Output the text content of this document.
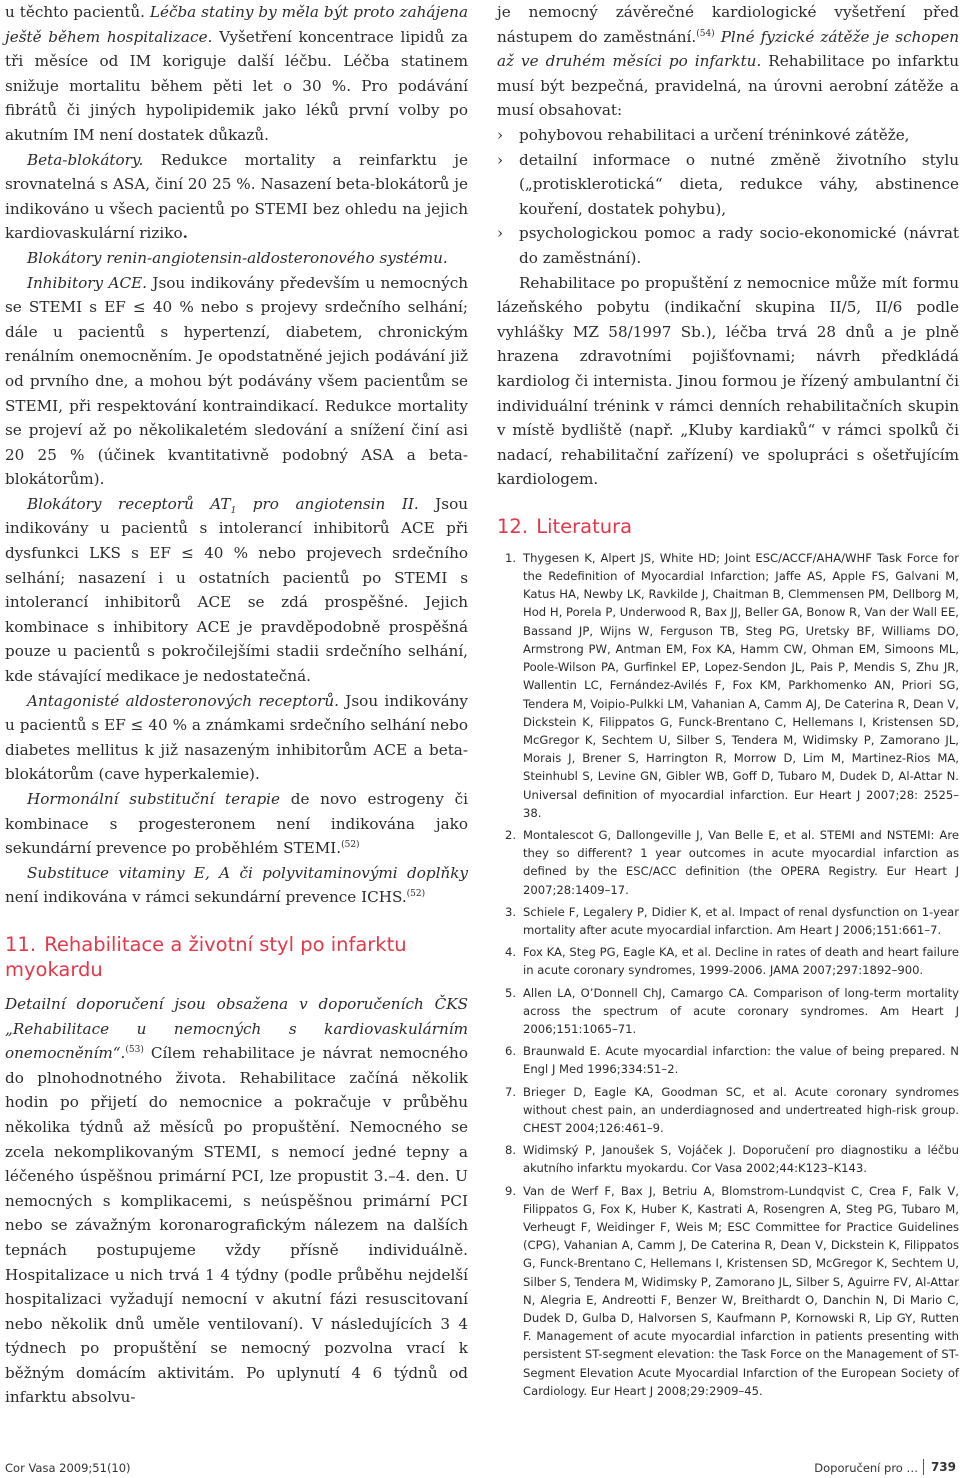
u těchto pacientů. Léčba statiny by měla být proto zahájena ještě během hospitalizace. Vyšetření koncentrace lipidů za tři měsíce od IM koriguje další léčbu. Léčba statinem snižuje mortalitu během pěti let o 30 %. Pro podávání fibrátů či jiných hypolipidemik jako léků první volby po akutním IM není dostatek důkazů.

Beta-blokátory. Redukce mortality a reinfarktu je srovnatelná s ASA, činí 20 25 %. Nasazení beta-blokátorů je indikováno u všech pacientů po STEMI bez ohledu na jejich kardiovaskulární riziko.

Blokátory renin-angiotensin-aldosteronového systému.

Inhibitory ACE. Jsou indikovány především u nemocných se STEMI s EF ≤ 40 % nebo s projevy srdečního selhání; dále u pacientů s hypertenzí, diabetem, chronickým renálním onemocněním. Je opodstatněné jejich podávání již od prvního dne, a mohou být podávány všem pacientům se STEMI, při respektování kontraindikací. Redukce mortality se projeví až po několikaletém sledování a snížení činí asi 20 25 % (účinek kvantitativně podobný ASA a beta-blokátorům).

Blokátory receptorů $AT_1$ pro angiotensin II. Jsou indikovány u pacientů s intolerancí inhibitorů ACE při dysfunkci LKS s EF ≤ 40 % nebo projevech srdečního selhání; nasazení i u ostatních pacientů po STEMI s intolerancí inhibitorů ACE se zdá prospěšné. Jejich kombinace s inhibitory ACE je pravděpodobně prospěšná pouze u pacientů s pokročilejšími stadii srdečního selhání, kde stávající medikace je nedostatečná.

Antagonisté aldosteronových receptorů. Jsou indikovány u pacientů s EF ≤ 40 % a známkami srdečního selhání nebo diabetes mellitus k již nasazeným inhibitorům ACE a beta-blokátorům (cave hyperkalemie).

Hormonální substituční terapie de novo estrogeny či kombinace s progesteronem není indikována jako sekundární prevence po proběhlém STEMI.$^{(52)}$

Substituce vitaminy E, A či polyvitaminovými doplňky není indikována v rámci sekundární prevence ICHS.$^{(52)}$

11. Rehabilitace a životní styl po infarktu myokardu

Detailní doporučení jsou obsažena v doporučeních ČKS „Rehabilitace u nemocných s kardiovaskulárním onemocněním“.$^{(53)}$ Cílem rehabilitace je návrat nemocného do plnohodnotného života. Rehabilitace začíná několik hodin po přijetí do nemocnice a pokračuje v průběhu několika týdnů až měsíců po propuštění. Nemocného se zcela nekomplikovaným STEMI, s nemocí jedné tepny a léčeného úspěšnou primární PCI, lze propustit 3.–4. den. U nemocných s komplikacemi, s neúspěšnou primární PCI nebo se závažným koronarografickým nálezem na dalších tepnách postupujeme vždy přísně individuálně. Hospitalizace u nich trvá 1 4 týdny (podle průběhu nejdelší hospitalizaci vyžadují nemocní v akutní fázi resuscitovaní nebo několik dnů uměle ventilovaní). V následujících 3 4 týdnech po propuštění se nemocný pozvolna vrací k běžným domácím aktivitám. Po uplynutí 4 6 týdnů od infarktu absolvu-

je nemocný závěrečné kardiologické vyšetření před nástupem do zaměstnání.$^{(54)}$ Plné fyzické zátěže je schopen až ve druhém měsíci po infarktu. Rehabilitace po infarktu musí být bezpečná, pravidelná, na úrovni aerobní zátěže a musí obsahovat:

› pohybovou rehabilitaci a určení tréninkové zátěže,
› detailní informace o nutné změně životního stylu („protisklerotická“ dieta, redukce váhy, abstinence kouření, dostatek pohybu),
› psychologickou pomoc a rady socio-ekonomické (návrat do zaměstnání).

Rehabilitace po propuštění z nemocnice může mít formu lázeňského pobytu (indikační skupina II/5, II/6 podle vyhlášky MZ 58/1997 Sb.), léčba trvá 28 dnů a je plně hrazena zdravotními pojišťovnami; návrh předkládá kardiolog či internista. Jinou formou je řízený ambulantní či individuální trénink v rámci denních rehabilitačních skupin v místě bydliště (např. „Kluby kardiaků“ v rámci spolků či nadací, rehabilitační zařízení) ve spolupráci s ošetřujícím kardiologem.

12. Literatura
1. Thygesen K, Alpert JS, White HD; Joint ESC/ACCF/AHA/WHF Task Force for the Redefinition of Myocardial Infarction; Jaffe AS, Apple FS, Galvani M, Katus HA, Newby LK, Ravkilde J, Chaitman B, Clemmensen PM, Dellborg M, Hod H, Porela P, Underwood R, Bax JJ, Beller GA, Bonow R, Van der Wall EE, Bassand JP, Wijns W, Ferguson TB, Steg PG, Uretsky BF, Williams DO, Armstrong PW, Antman EM, Fox KA, Hamm CW, Ohman EM, Simoons ML, Poole-Wilson PA, Gurfinkel EP, Lopez-Sendon JL, Pais P, Mendis S, Zhu JR, Wallentin LC, Fernández-Avilés F, Fox KM, Parkhomenko AN, Priori SG, Tendera M, Voipio-Pulkki LM, Vahanian A, Camm AJ, De Caterina R, Dean V, Dickstein K, Filippatos G, Funck-Brentano C, Hellemans I, Kristensen SD, McGregor K, Sechtem U, Silber S, Tendera M, Widimsky P, Zamorano JL, Morais J, Brener S, Harrington R, Morrow D, Lim M, Martinez-Rios MA, Steinhubl S, Levine GN, Gibler WB, Goff D, Tubaro M, Dudek D, Al-Attar N. Universal definition of myocardial infarction. Eur Heart J 2007;28: 2525–38.
2. Montalescot G, Dallongeville J, Van Belle E, et al. STEMI and NSTEMI: Are they so different? 1 year outcomes in acute myocardial infarction as defined by the ESC/ACC definition (the OPERA Registry. Eur Heart J 2007;28:1409–17.
3. Schiele F, Legalery P, Didier K, et al. Impact of renal dysfunction on 1-year mortality after acute myocardial infarction. Am Heart J 2006;151:661–7.
4. Fox KA, Steg PG, Eagle KA, et al. Decline in rates of death and heart failure in acute coronary syndromes, 1999-2006. JAMA 2007;297:1892–900.
5. Allen LA, O’Donnell ChJ, Camargo CA. Comparison of long-term mortality across the spectrum of acute coronary syndromes. Am Heart J 2006;151:1065–71.
6. Braunwald E. Acute myocardial infarction: the value of being prepared. N Engl J Med 1996;334:51–2.
7. Brieger D, Eagle KA, Goodman SC, et al. Acute coronary syndromes without chest pain, an underdiagnosed and undertreated high-risk group. CHEST 2004;126:461–9.
8. Widimský P, Janoušek S, Vojáček J. Doporučení pro diagnostiku a léčbu akutního infarktu myokardu. Cor Vasa 2002;44:K123–K143.
9. Van de Werf F, Bax J, Betriu A, Blomstrom-Lundqvist C, Crea F, Falk V, Filippatos G, Fox K, Huber K, Kastrati A, Rosengren A, Steg PG, Tubaro M, Verheugt F, Weidinger F, Weis M; ESC Committee for Practice Guidelines (CPG), Vahanian A, Camm J, De Caterina R, Dean V, Dickstein K, Filippatos G, Funck-Brentano C, Hellemans I, Kristensen SD, McGregor K, Sechtem U, Silber S, Tendera M, Widimsky P, Zamorano JL, Silber S, Aguirre FV, Al-Attar N, Alegria E, Andreotti F, Benzer W, Breithardt O, Danchin N, Di Mario C, Dudek D, Gulba D, Halvorsen S, Kaufmann P, Kornowski R, Lip GY, Rutten F. Management of acute myocardial infarction in patients presenting with persistent ST-segment elevation: the Task Force on the Management of ST-Segment Elevation Acute Myocardial Infarction of the European Society of Cardiology. Eur Heart J 2008;29:2909–45.
Cor Vasa 2009;51(10)	Doporučení pro … 739
